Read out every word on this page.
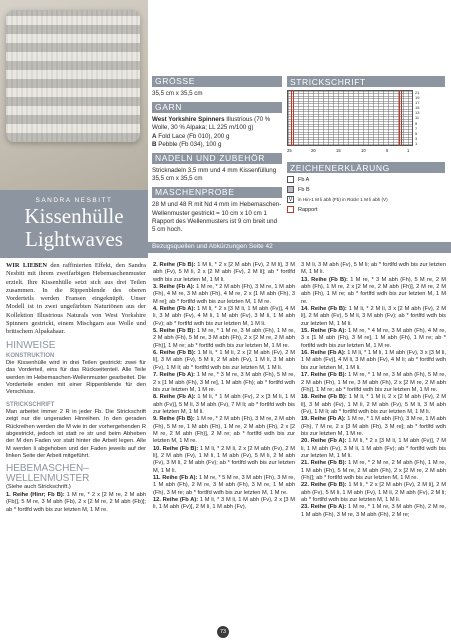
SANDRA NESBITT
Kissenhülle
Lightwaves
GRÖSSE

35,5 cm x 35,5 cm

GARN

West Yorkshire Spinners Illustrious (70 % Wolle, 30 % Alpaka; LL 225 m/100 g)
A Fold Lace (Fb 010), 200 g
B Pebble (Fb 034), 100 g

NADELN UND ZUBEHÖR

Stricknadeln 3,5 mm und 4 mm Kissenfüllung 35,5 cm x 35,5 cm

MASCHENPROBE

28 M und 48 R mit Nd 4 mm im Hebemaschen-Wellenmuster gestrickt = 10 cm x 10 cm 1 Rapport des Wellenmusters ist 9 cm breit und 5 cm hoch.

STRICKSCHRIFT
21
19
17
15
13
11
9
7
5
3
1
25	20	15	10	5	1
ZEICHENERKLÄRUNG
Fb A
Fb B
V	in Hin-1 M li abh (Fb) in Rückr 1 M li abh (V)
Rapport
Bezugsquellen und Abkürzungen Seite 42

WIR LIEBEN den raffinierten Effekt, den Sandra Nesbitt mit ihrem zweifarbigen Hebemaschenmuster erzielt. Ihre Kissenhülle setzt sich aus drei Teilen zusammen. In die Rippenblende des oberen Vorderteils werden Fransen eingeknüpft. Unser Modell ist in zwei ungefärbten Naturtönen aus der Kollektion Illustrious Naturals von West Yorkshire Spinners gestrickt, einem Mischgarn aus Wolle und britischem Alpakahaar.

HINWEISE
KONSTRUKTION

Die Kissenhülle wird in drei Teilen gestrickt: zwei für das Vorderteil, eins für das Rückseitenteil. Alle Teile werden im Hebemaschen-Wellenmuster gearbeitet. Die Vorderteile enden mit einer Rippenblende für den Verschluss.

STRICKSCHRIFT

Man arbeitet immer 2 R in jeder Fb. Die Strickschrift zeigt nur die ungeraden Hinreihen. In den geraden Rückreihen werden die M wie in der vorhergehenden R abgestrickt, jedoch ist statt re str und beim Abheben der M den Faden vor statt hinter die Arbeit legen. Alle M werden li abgehoben und der Faden jeweils auf der linken Seite der Arbeit mitgeführt.

HEBEMASCHEN–
WELLENMUSTER

(Siehe auch Strickschrift.)

1. Reihe (Hinr; Fb B): 1 M re, * 2 x [2 M re, 2 M abh (Fb)], 5 M re, 3 M abh (Fb), 2 x [2 M re, 2 M abh (Fb)]; ab * fortlfd wdh bis zur letzten M, 1 M re.

2. Reihe (Fb B): 1 M li, * 2 x [2 M abh (Fv), 2 M li], 3 M abh (Fv), 5 M li, 2 x [2 M abh (Fv), 2 M li]; ab * fortlfd wdh bis zur letzten M, 1 M li.

3. Reihe (Fb A): 1 M re, * 2 M abh (Fh), 3 M re, 1 M abh (Fh), 4 M re, 3 M abh (Fh), 4 M re, 2 x [1 M abh (Fh), 3 M re]; ab * fortlfd wdh bis zur letzten M, 1 M re.

4. Reihe (Fb A): 1 M li, * 2 x [3 M li, 1 M abh (Fv)], 4 M li, 3 M abh (Fv), 4 M li, 1 M abh (Fv), 3 M li, 1 M abh (Fv); ab * fortlfd wdh bis zur letzten M, 1 M li.

5. Reihe (Fb B): 1 M re, * 1 M re, 3 M abh (Fh), 1 M re, 2 M abh (Fh), 5 M re, 3 M abh (Fh), 2 x [2 M re, 2 M abh (Fh)], 1 M re; ab * fortlfd wdh bis zur letzten M, 1 M re.

6. Reihe (Fb B): 1 M li, * 1 M li, 2 x [2 M abh (Fv), 2 M li], 3 M abh (Fv), 5 M li, 2 M abh (Fv), 1 M li, 3 M abh (Fv), 1 M li; ab * fortlfd wdh bis zur letzten M, 1 M li.

7. Reihe (Fb A): 1 M re, * 3 M re, 3 M abh (Fh), 5 M re, 2 x [1 M abh (Fh), 3 M re], 1 M abh (Fh); ab * fortlfd wdh bis zur letzten M, 1 M re.

8. Reihe (Fb A): 1 M li, * 1 M abh (Fv), 2 x [3 M li, 1 M abh (Fv)], 5 M li, 3 M abh (Fv), 7 M li; ab * fortlfd wdh bis zur letzten M, 1 M li.

9. Reihe (Fb B): 1 M re, * 2 M abh (Fh), 3 M re, 2 M abh (Fh), 5 M re, 1 M abh (Fh), 1 M re, 2 M abh (Fh), 2 x [2 M re, 2 M abh (Fh)], 2 M re; ab * fortlfd wdh bis zur letzten M, 1 M re.

10. Reihe (Fb B): 1 M li, * 2 M li, 2 x [2 M abh (Fv), 2 M li], 2 M abh (Fv), 1 M li, 1 M abh (Fv), 5 M li, 2 M abh (Fv), 3 M li, 2 M abh (Fv); ab * fortlfd wdh bis zur letzten M, 1 M li.

11. Reihe (Fb A): 1 M re, * 5 M re, 3 M abh (Fh), 3 M re, 1 M abh (Fh), 2 M re, 3 M abh (Fh), 3 M re, 1 M abh (Fh), 3 M re; ab * fortlfd wdh bis zur letzten M, 1 M re.

12. Reihe (Fb A): 1 M li, * 3 M li, 1 M abh (Fv), 2 x [3 M li, 1 M abh (Fv)], 2 M li, 1 M abh (Fv),

3 M li, 3 M abh (Fv), 5 M li; ab * fortlfd wdh bis zur letzten M, 1 M li.

13. Reihe (Fb B): 1 M re, * 3 M abh (Fh), 5 M re, 2 M abh (Fh), 1 M re, 2 x [2 M re, 2 M abh (Fh)], 2 M re, 2 M abh (Fh), 1 M re; ab * fortlfd wdh bis zur letzten M, 1 M re.

14. Reihe (Fb B): 1 M li, * 2 M li, 3 x [2 M abh (Fv), 2 M li], 2 M abh (Fv), 5 M li, 3 M abh (Fv); ab * fortlfd wdh bis zur letzten M, 1 M li.

15. Reihe (Fb A): 1 M re, * 4 M re, 3 M abh (Fh), 4 M re, 3 x [1 M abh (Fh), 3 M re], 1 M abh (Fh), 1 M re; ab * fortlfd wdh bis zur letzten M, 1 M re.

16. Reihe (Fb A): 1 M li, * 1 M li, 1 M abh (Fv), 3 x [3 M li, 1 M abh (Fv)], 4 M li, 3 M abh (Fv), 4 M li; ab * fortlfd wdh bis zur letzten M, 1 M li.

17. Reihe (Fb B): 1 M re, * 1 M re, 3 M abh (Fh), 5 M re, 2 M abh (Fh), 1 M re, 3 M abh (Fh), 2 x [2 M re, 2 M abh (Fh)], 1 M re; ab * fortlfd wdh bis zur letzten M, 1 M re.

18. Reihe (Fb B): 1 M li, * 1 M li, 2 x [2 M abh (Fv), 2 M li], 3 M abh (Fv), 1 M li, 2 M abh (Fv), 5 M li, 3 M abh (Fv), 1 M li; ab * fortlfd wdh bis zur letzten M, 1 M li.

19. Reihe (Fb A): 1 M re, * 1 M abh (Fh), 3 M re, 1 M abh (Fh), 7 M re, 2 x [3 M abh (Fh), 3 M re]; ab * fortlfd wdh bis zur letzten M, 1 M re.

20. Reihe (Fb A): 1 M li, * 2 x [3 M li, 1 M abh (Fv)], 7 M li, 1 M abh (Fv), 3 M li, 1 M abh (Fv); ab * fortlfd wdh bis zur letzten M, 1 M li.

21. Reihe (Fb B): 1 M re, * 2 M re, 2 M abh (Fh), 1 M re, 1 M abh (Fh), 5 M re, 2 M abh (Fh), 2 x [2 M re, 2 M abh (Fh)]; ab * fortlfd wdh bis zur letzten M, 1 M re.

22. Reihe (Fb B): 1 M li, * 2 x [2 M abh (Fv), 2 M li], 2 M abh (Fv), 5 M li, 1 M abh (Fv), 1 M li, 2 M abh (Fv), 2 M li; ab * fortlfd wdh bis zur letzten M, 1 M li.

23. Reihe (Fb A): 1 M re, * 1 M re, 3 M abh (Fh), 2 M re, 1 M abh (Fh), 3 M re, 3 M abh (Fh), 2 M re;

73
